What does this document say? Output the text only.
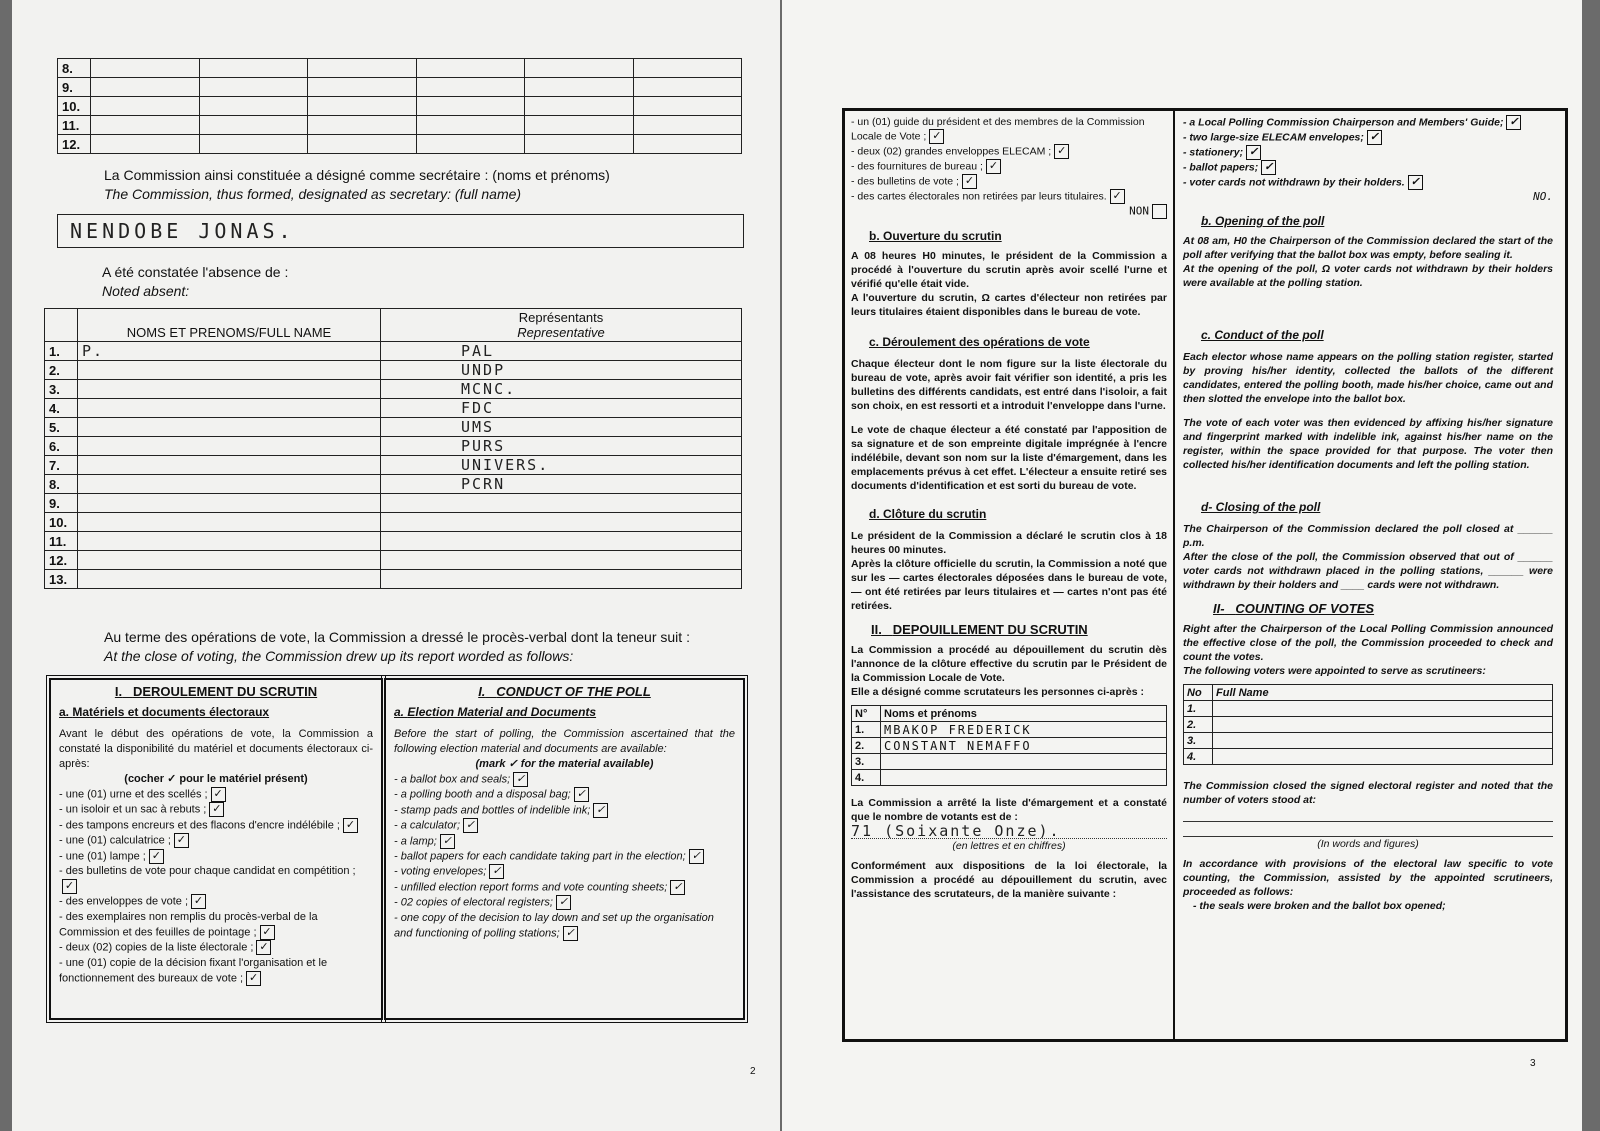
8.						
9.						
10.						
11.						
12.						
La Commission ainsi constituée a désigné comme secrétaire : (noms et prénoms)
The Commission, thus formed, designated as secretary: (full name)
NENDOBE JONAS.
A été constatée l'absence de :
Noted absent:
	NOMS ET PRENOMS/FULL NAME	Représentants
Representative
1.	P.	PAL
2.		UNDP
3.		MCNC.
4.		FDC
5.		UMS
6.		PURS
7.		UNIVERS.
8.		PCRN
9.		
10.		
11.		
12.		
13.		
Au terme des opérations de vote, la Commission a dressé le procès-verbal dont la teneur suit :
At the close of voting, the Commission drew up its report worded as follows:
I. DEROULEMENT DU SCRUTIN
a. Matériels et documents électoraux
Avant le début des opérations de vote, la Commission a constaté la disponibilité du matériel et documents électoraux ci-après:
(cocher ✓ pour le matériel présent)
- une (01) urne et des scellés ; ✓
- un isoloir et un sac à rebuts ; ✓
- des tampons encreurs et des flacons d'encre indélébile ; ✓
- une (01) calculatrice ; ✓
- une (01) lampe ; ✓
- des bulletins de vote pour chaque candidat en compétition ;✓
- des enveloppes de vote ; ✓
- des exemplaires non remplis du procès-verbal de la Commission et des feuilles de pointage ; ✓
- deux (02) copies de la liste électorale ; ✓
- une (01) copie de la décision fixant l'organisation et le fonctionnement des bureaux de vote ; ✓
I. CONDUCT OF THE POLL
a. Election Material and Documents
Before the start of polling, the Commission ascertained that the following election material and documents are available:
(mark ✓ for the material available)
- a ballot box and seals; ✓
- a polling booth and a disposal bag; ✓
- stamp pads and bottles of indelible ink; ✓
- a calculator; ✓
- a lamp; ✓
- ballot papers for each candidate taking part in the election; ✓
- voting envelopes; ✓
- unfilled election report forms and vote counting sheets; ✓
- 02 copies of electoral registers; ✓
- one copy of the decision to lay down and set up the organisation and functioning of polling stations; ✓
2
- un (01) guide du président et des membres de la Commission Locale de Vote ; ✓
- deux (02) grandes enveloppes ELECAM ; ✓
- des fournitures de bureau ; ✓
- des bulletins de vote ; ✓
- des cartes électorales non retirées par leurs titulaires. ✓
NON
b. Ouverture du scrutin
A 08 heures H0 minutes, le président de la Commission a procédé à l'ouverture du scrutin après avoir scellé l'urne et vérifié qu'elle était vide.
A l'ouverture du scrutin, Ω cartes d'électeur non retirées par leurs titulaires étaient disponibles dans le bureau de vote.
c. Déroulement des opérations de vote
Chaque électeur dont le nom figure sur la liste électorale du bureau de vote, après avoir fait vérifier son identité, a pris les bulletins des différents candidats, est entré dans l'isoloir, a fait son choix, en est ressorti et a introduit l'enveloppe dans l'urne.
Le vote de chaque électeur a été constaté par l'apposition de sa signature et de son empreinte digitale imprégnée à l'encre indélébile, devant son nom sur la liste d'émargement, dans les emplacements prévus à cet effet. L'électeur a ensuite retiré ses documents d'identification et est sorti du bureau de vote.
d. Clôture du scrutin
Le président de la Commission a déclaré le scrutin clos à 18 heures 00 minutes.
Après la clôture officielle du scrutin, la Commission a noté que sur les — cartes électorales déposées dans le bureau de vote, — ont été retirées par leurs titulaires et — cartes n'ont pas été retirées.
II. DEPOUILLEMENT DU SCRUTIN
La Commission a procédé au dépouillement du scrutin dès l'annonce de la clôture effective du scrutin par le Président de la Commission Locale de Vote.
Elle a désigné comme scrutateurs les personnes ci-après :
N°	Noms et prénoms
1.	MBAKOP FREDERICK
2.	CONSTANT NEMAFFO
3.	
4.	
La Commission a arrêté la liste d'émargement et a constaté que le nombre de votants est de :
71 (Soixante Onze).
(en lettres et en chiffres)
Conformément aux dispositions de la loi électorale, la Commission a procédé au dépouillement du scrutin, avec l'assistance des scrutateurs, de la manière suivante :
- a Local Polling Commission Chairperson and Members' Guide; ✓
- two large-size ELECAM envelopes; ✓
- stationery; ✓
- ballot papers; ✓
- voter cards not withdrawn by their holders. ✓
NO.
b. Opening of the poll
At 08 am, H0 the Chairperson of the Commission declared the start of the poll after verifying that the ballot box was empty, before sealing it.
At the opening of the poll, Ω voter cards not withdrawn by their holders were available at the polling station.
c. Conduct of the poll
Each elector whose name appears on the polling station register, started by proving his/her identity, collected the ballots of the different candidates, entered the polling booth, made his/her choice, came out and then slotted the envelope into the ballot box.
The vote of each voter was then evidenced by affixing his/her signature and fingerprint marked with indelible ink, against his/her name on the register, within the space provided for that purpose. The voter then collected his/her identification documents and left the polling station.
d- Closing of the poll
The Chairperson of the Commission declared the poll closed at ______ p.m.
After the close of the poll, the Commission observed that out of ______ voter cards not withdrawn placed in the polling stations, ______ were withdrawn by their holders and ____ cards were not withdrawn.
II- COUNTING OF VOTES
Right after the Chairperson of the Local Polling Commission announced the effective close of the poll, the Commission proceeded to check and count the votes.
The following voters were appointed to serve as scrutineers:
No	Full Name
1.	
2.	
3.	
4.	
The Commission closed the signed electoral register and noted that the number of voters stood at:
(In words and figures)
In accordance with provisions of the electoral law specific to vote counting, the Commission, assisted by the appointed scrutineers, proceeded as follows:
- the seals were broken and the ballot box opened;
3
